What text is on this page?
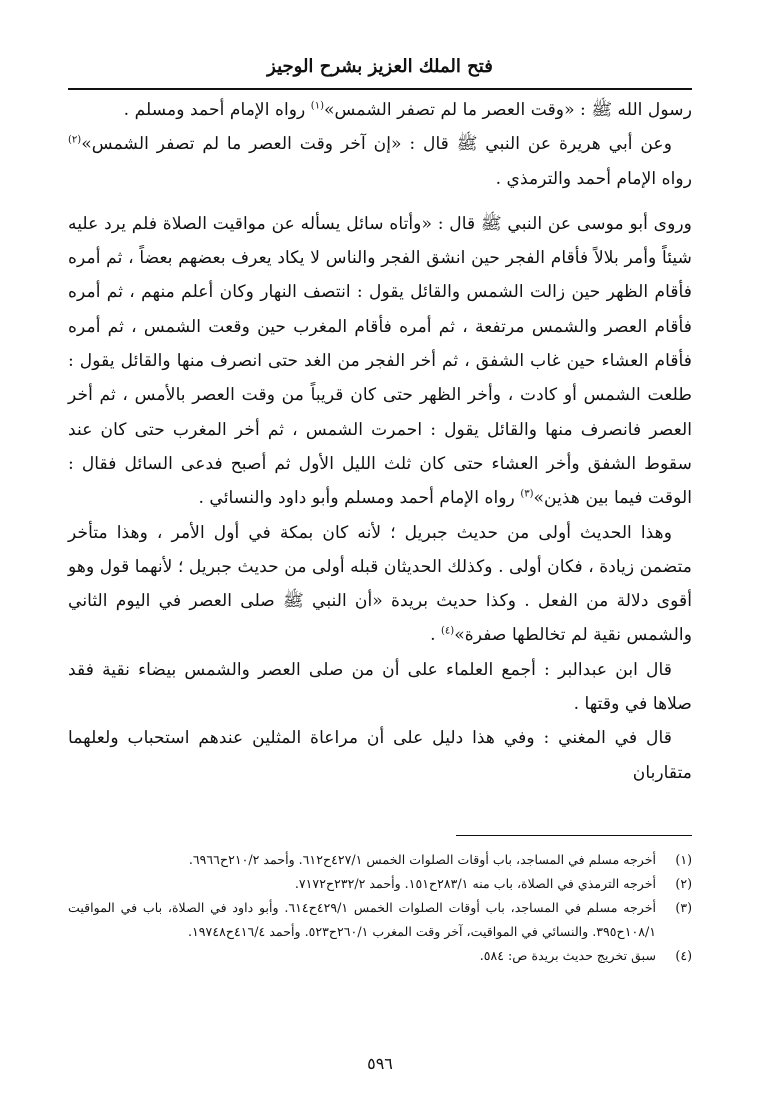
فتح الملك العزيز بشرح الوجيز

رسول الله ﷺ : «وقت العصر ما لم تصفر الشمس»$^{(١)}$ رواه الإمام أحمد ومسلم .

وعن أبي هريرة عن النبي ﷺ قال : «إن آخر وقت العصر ما لم تصفر الشمس»$^{(٢)}$ رواه الإمام أحمد والترمذي .

وروى أبو موسى عن النبي ﷺ قال : «وأتاه سائل يسأله عن مواقيت الصلاة فلم يرد عليه شيئاً وأمر بلالاً فأقام الفجر حين انشق الفجر والناس لا يكاد يعرف بعضهم بعضاً ، ثم أمره فأقام الظهر حين زالت الشمس والقائل يقول : انتصف النهار وكان أعلم منهم ، ثم أمره فأقام العصر والشمس مرتفعة ، ثم أمره فأقام المغرب حين وقعت الشمس ، ثم أمره فأقام العشاء حين غاب الشفق ، ثم أخر الفجر من الغد حتى انصرف منها والقائل يقول : طلعت الشمس أو كادت ، وأخر الظهر حتى كان قريباً من وقت العصر بالأمس ، ثم أخر العصر فانصرف منها والقائل يقول : احمرت الشمس ، ثم أخر المغرب حتى كان عند سقوط الشفق وأخر العشاء حتى كان ثلث الليل الأول ثم أصبح فدعى السائل فقال : الوقت فيما بين هذين»$^{(٣)}$ رواه الإمام أحمد ومسلم وأبو داود والنسائي .

وهذا الحديث أولى من حديث جبريل ؛ لأنه كان بمكة في أول الأمر ، وهذا متأخر متضمن زيادة ، فكان أولى . وكذلك الحديثان قبله أولى من حديث جبريل ؛ لأنهما قول وهو أقوى دلالة من الفعل . وكذا حديث بريدة «أن النبي ﷺ صلى العصر في اليوم الثاني والشمس نقية لم تخالطها صفرة»$^{(٤)}$ .

قال ابن عبدالبر : أجمع العلماء على أن من صلى العصر والشمس بيضاء نقية فقد صلاها في وقتها .

قال في المغني : وفي هذا دليل على أن مراعاة المثلين عندهم استحباب ولعلهما متقاربان

(١)
أخرجه مسلم في المساجد، باب أوقات الصلوات الخمس ٤٢٧/١ح٦١٢. وأحمد ٢١٠/٢ح٦٩٦٦.

(٢)
أخرجه الترمذي في الصلاة، باب منه ٢٨٣/١ح١٥١. وأحمد ٢٣٢/٢ح٧١٧٢.

(٣)
أخرجه مسلم في المساجد، باب أوقات الصلوات الخمس ٤٢٩/١ح٦١٤. وأبو داود في الصلاة، باب في المواقيت ١٠٨/١ح٣٩٥. والنسائي في المواقيت، آخر وقت المغرب ٢٦٠/١ح٥٢٣. وأحمد ٤١٦/٤ح١٩٧٤٨.

(٤)
سبق تخريج حديث بريدة ص: ٥٨٤.

٥٩٦
